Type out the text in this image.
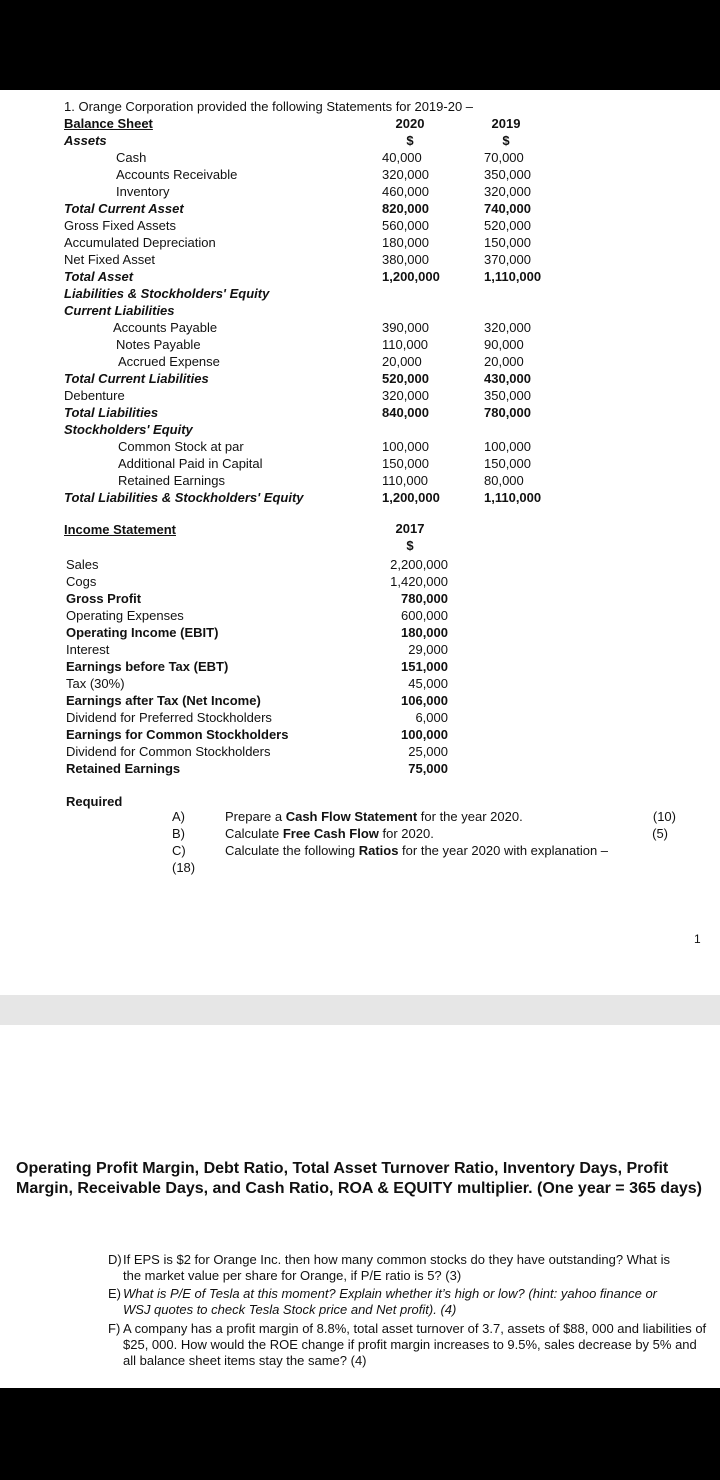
1. Orange Corporation provided the following Statements for 2019-20 –
Balance Sheet	2020	2019
Assets	$	$
Cash	40,000	70,000
Accounts Receivable	320,000	350,000
Inventory	460,000	320,000
Total Current Asset	820,000	740,000
Gross Fixed Assets	560,000	520,000
Accumulated Depreciation	180,000	150,000
Net Fixed Asset	380,000	370,000
Total Asset	1,200,000	1,110,000
Liabilities & Stockholders' Equity
Current Liabilities
Accounts Payable	390,000	320,000
Notes Payable	110,000	90,000
Accrued Expense	20,000	20,000
Total Current Liabilities	520,000	430,000
Debenture	320,000	350,000
Total Liabilities	840,000	780,000
Stockholders' Equity
Common Stock at par	100,000	100,000
Additional Paid in Capital	150,000	150,000
Retained Earnings	110,000	80,000
Total Liabilities & Stockholders' Equity	1,200,000	1,110,000
Income Statement	2017
$
Sales	2,200,000
Cogs	1,420,000
Gross Profit	780,000
Operating Expenses	600,000
Operating Income (EBIT)	180,000
Interest	29,000
Earnings before Tax (EBT)	151,000
Tax (30%)	45,000
Earnings after Tax (Net Income)	106,000
Dividend for Preferred Stockholders	6,000
Earnings for Common Stockholders	100,000
Dividend for Common Stockholders	25,000
Retained Earnings	75,000
Required
A)	Prepare a Cash Flow Statement for the year 2020.	(10)
B)	Calculate Free Cash Flow for 2020.	(5)
C)	Calculate the following Ratios for the year 2020 with explanation –
(18)
1
Operating Profit Margin, Debt Ratio, Total Asset Turnover Ratio, Inventory Days, Profit Margin, Receivable Days, and Cash Ratio, ROA & EQUITY multiplier. (One year = 365 days)
D) If EPS is $2 for Orange Inc. then how many common stocks do they have outstanding? What is the market value per share for Orange, if P/E ratio is 5? (3)
E) What is P/E of Tesla at this moment? Explain whether it’s high or low? (hint: yahoo finance or WSJ quotes to check Tesla Stock price and Net profit). (4)
F) A company has a profit margin of 8.8%, total asset turnover of 3.7, assets of $88, 000 and liabilities of $25, 000. How would the ROE change if profit margin increases to 9.5%, sales decrease by 5% and all balance sheet items stay the same? (4)
